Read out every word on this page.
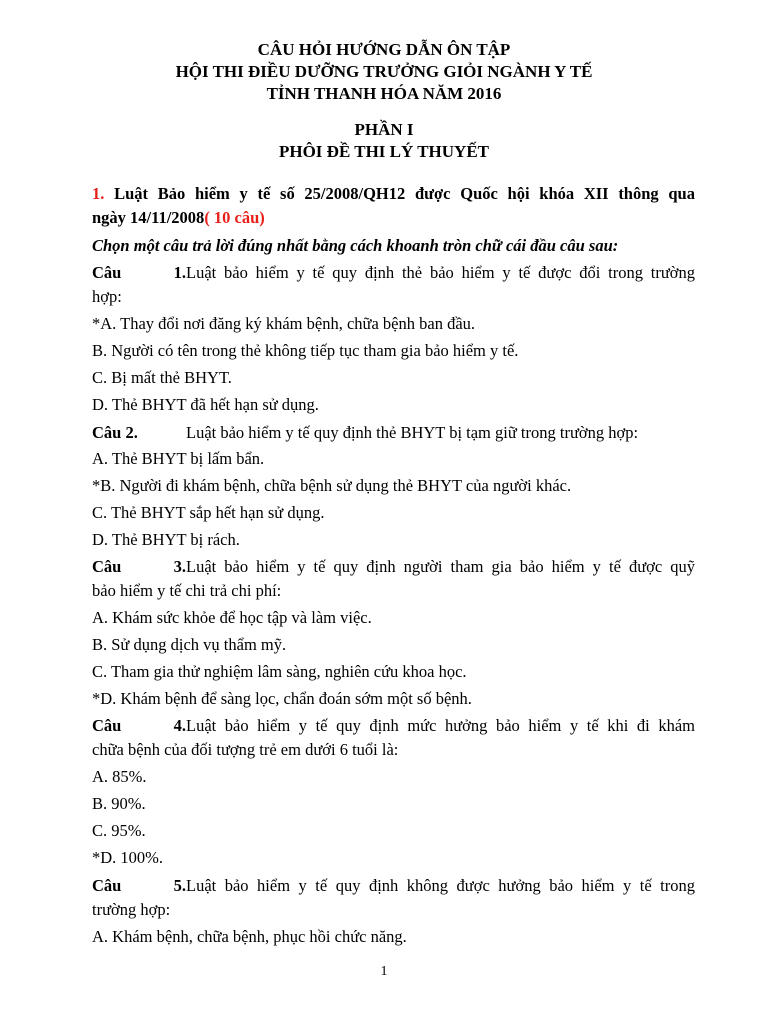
CÂU HỎI HƯỚNG DẪN ÔN TẬP
HỘI THI ĐIỀU DƯỠNG TRƯỞNG GIỎI NGÀNH Y TẾ
TỈNH THANH HÓA NĂM 2016
PHẦN I
PHÔI ĐỀ THI LÝ THUYẾT
1. Luật Bảo hiểm y tế số 25/2008/QH12 được Quốc hội khóa XII thông qua
ngày 14/11/2008( 10 câu)
Chọn một câu trả lời đúng nhất bằng cách khoanh tròn chữ cái đầu câu sau:
Câu 1.Luật bảo hiểm y tế quy định thẻ bảo hiểm y tế được đổi trong trường
hợp:
*A. Thay đổi nơi đăng ký khám bệnh, chữa bệnh ban đầu.
B. Người có tên trong thẻ không tiếp tục tham gia bảo hiểm y tế.
C. Bị mất thẻ BHYT.
D. Thẻ BHYT đã hết hạn sử dụng.
Câu 2.	Luật bảo hiểm y tế quy định thẻ BHYT bị tạm giữ trong trường hợp:
A. Thẻ BHYT bị lấm bẩn.
*B. Người đi khám bệnh, chữa bệnh sử dụng thẻ BHYT của người khác.
C. Thẻ BHYT sắp hết hạn sử dụng.
D. Thẻ BHYT bị rách.
Câu 3.Luật bảo hiểm y tế quy định người tham gia bảo hiểm y tế được quỹ
bảo hiểm y tế chi trả chi phí:
A. Khám sức khỏe để học tập và làm việc.
B. Sử dụng dịch vụ thẩm mỹ.
C. Tham gia thử nghiệm lâm sàng, nghiên cứu khoa học.
*D. Khám bệnh để sàng lọc, chẩn đoán sớm một số bệnh.
Câu 4.Luật bảo hiểm y tế quy định mức hưởng bảo hiểm y tế khi đi khám
chữa bệnh của đối tượng trẻ em dưới 6 tuổi là:
A. 85%.
B. 90%.
C. 95%.
*D. 100%.
Câu 5.Luật bảo hiểm y tế quy định không được hưởng bảo hiểm y tế trong
trường hợp:
A. Khám bệnh, chữa bệnh, phục hồi chức năng.
1
